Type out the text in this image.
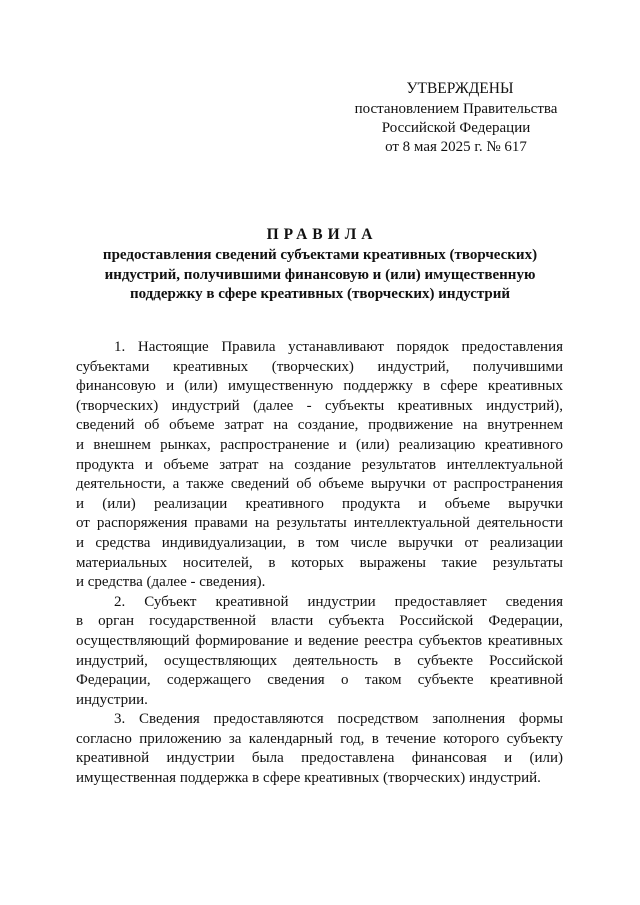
УТВЕРЖДЕНЫ
постановлением Правительства
Российской Федерации
от 8 мая 2025 г. № 617
ПРАВИЛА
предоставления сведений субъектами креативных (творческих)
индустрий, получившими финансовую и (или) имущественную
поддержку в сфере креативных (творческих) индустрий
1. Настоящие Правила устанавливают порядок предоставления
субъектами креативных (творческих) индустрий, получившими
финансовую и (или) имущественную поддержку в сфере креативных
(творческих) индустрий (далее - субъекты креативных индустрий),
сведений об объеме затрат на создание, продвижение на внутреннем
и внешнем рынках, распространение и (или) реализацию креативного
продукта и объеме затрат на создание результатов интеллектуальной
деятельности, а также сведений об объеме выручки от распространения
и (или) реализации креативного продукта и объеме выручки
от распоряжения правами на результаты интеллектуальной деятельности
и средства индивидуализации, в том числе выручки от реализации
материальных носителей, в которых выражены такие результаты
и средства (далее - сведения).
2. Субъект креативной индустрии предоставляет сведения
в орган государственной власти субъекта Российской Федерации,
осуществляющий формирование и ведение реестра субъектов креативных
индустрий, осуществляющих деятельность в субъекте Российской
Федерации, содержащего сведения о таком субъекте креативной
индустрии.
3. Сведения предоставляются посредством заполнения формы
согласно приложению за календарный год, в течение которого субъекту
креативной индустрии была предоставлена финансовая и (или)
имущественная поддержка в сфере креативных (творческих) индустрий.
